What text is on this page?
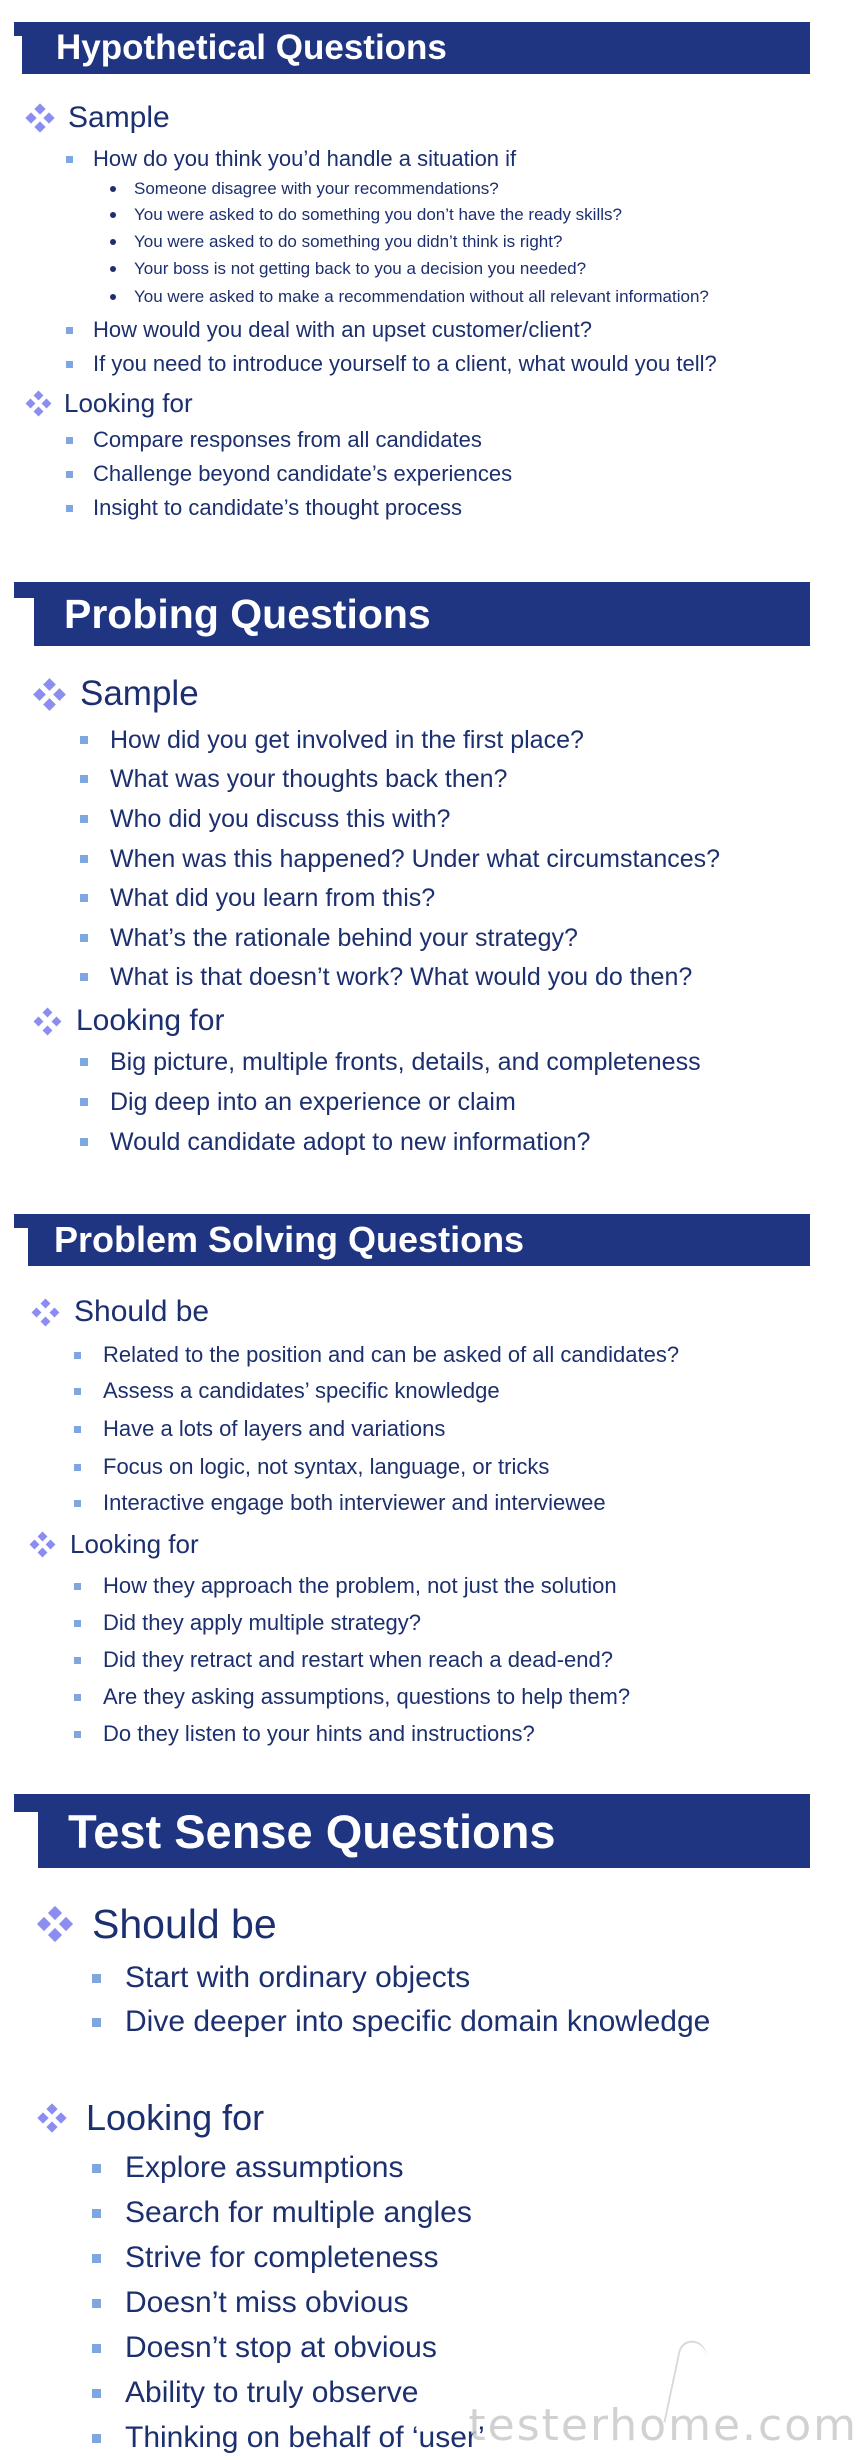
Hypothetical Questions
Sample
How do you think you’d handle a situation if
Someone disagree with your recommendations?
You were asked to do something you don’t have the ready skills?
You were asked to do something you didn’t think is right?
Your boss is not getting back to you a decision you needed?
You were asked to make a recommendation without all relevant information?
How would you deal with an upset customer/client?
If you need to introduce yourself to a client, what would you tell?
Looking for
Compare responses from all candidates
Challenge beyond candidate’s experiences
Insight to candidate’s thought process
Probing Questions
Sample
How did you get involved in the first place?
What was your thoughts back then?
Who did you discuss this with?
When was this happened? Under what circumstances?
What did you learn from this?
What’s the rationale behind your strategy?
What is that doesn’t work? What would you do then?
Looking for
Big picture, multiple fronts, details, and completeness
Dig deep into an experience or claim
Would candidate adopt to new information?
Problem Solving Questions
Should be
Related to the position and can be asked of all candidates?
Assess a candidates’ specific knowledge
Have a lots of layers and variations
Focus on logic, not syntax, language, or tricks
Interactive engage both interviewer and interviewee
Looking for
How they approach the problem, not just the solution
Did they apply multiple strategy?
Did they retract and restart when reach a dead-end?
Are they asking assumptions, questions to help them?
Do they listen to your hints and instructions?
Test Sense Questions
Should be
Start with ordinary objects
Dive deeper into specific domain knowledge
Looking for
Explore assumptions
Search for multiple angles
Strive for completeness
Doesn’t miss obvious
Doesn’t stop at obvious
Ability to truly observe
Thinking on behalf of ‘user’
testerhome.com
